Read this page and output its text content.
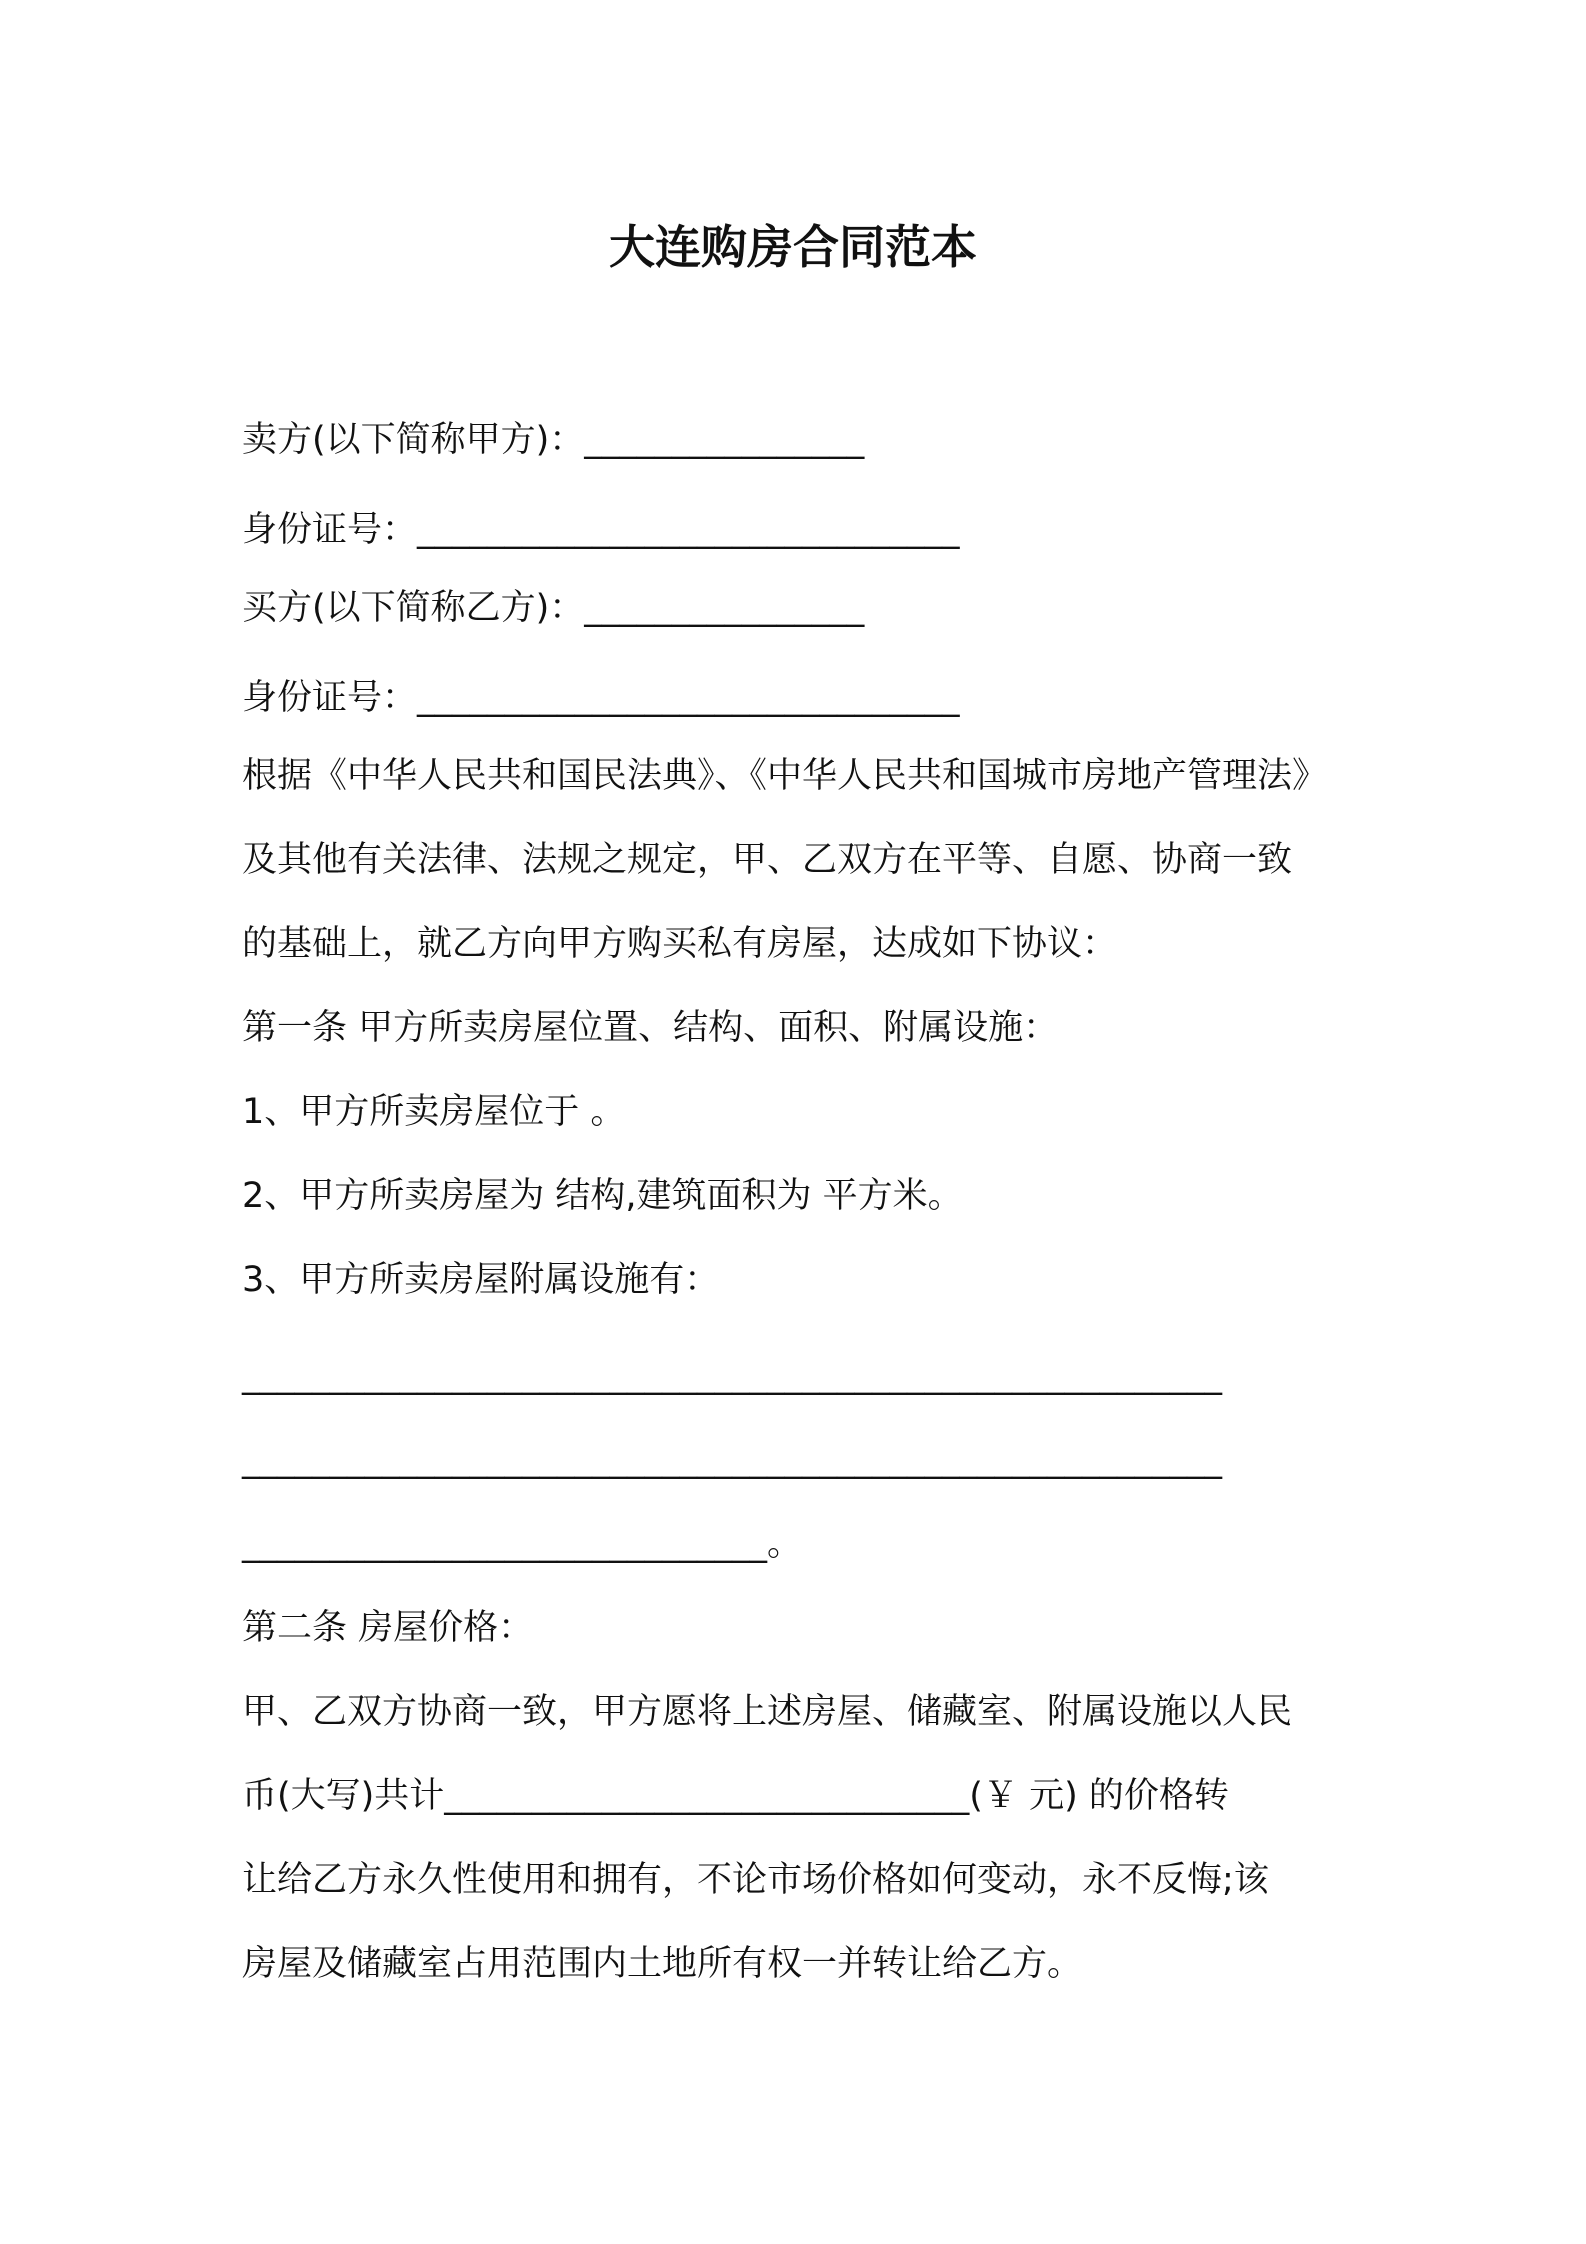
大连购房合同范本
卖方(以下简称甲方)：________________
身份证号：_______________________________
买方(以下简称乙方)：________________
身份证号：_______________________________
根据《中华人民共和国民法典》、《中华人民共和国城市房地产管理法》
及其他有关法律、法规之规定，甲、乙双方在平等、自愿、协商一致
的基础上，就乙方向甲方购买私有房屋，达成如下协议：
第一条 甲方所卖房屋位置、结构、面积、附属设施：
1、甲方所卖房屋位于 。
2、甲方所卖房屋为 结构,建筑面积为 平方米。
3、甲方所卖房屋附属设施有：
________________________________________________________
________________________________________________________
______________________________。
第二条 房屋价格：
甲、乙双方协商一致，甲方愿将上述房屋、储藏室、附属设施以人民
币(大写)共计______________________________(￥ 元) 的价格转
让给乙方永久性使用和拥有，不论市场价格如何变动，永不反悔;该
房屋及储藏室占用范围内土地所有权一并转让给乙方。
